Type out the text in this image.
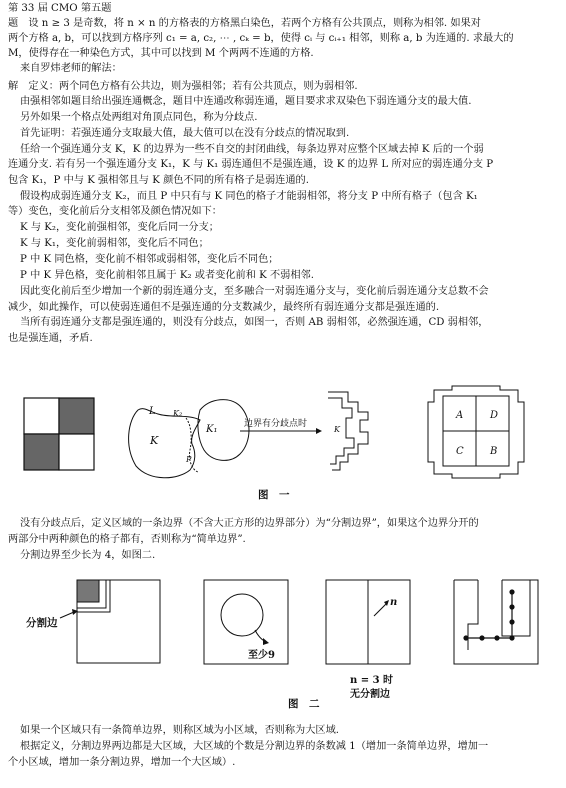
第 33 届 CMO 第五题
题　设 n ≥ 3 是奇数，将 n × n 的方格表的方格黑白染色，若两个方格有公共顶点，则称为相邻. 如果对
两个方格 a, b，可以找到方格序列 c₁ = a, c₂, ⋯ , cₖ = b，使得 cᵢ 与 cᵢ₊₁ 相邻，则称 a, b 为连通的. 求最大的
M，使得存在一种染色方式，其中可以找到 M 个两两不连通的方格.
来自罗炜老师的解法：
解　定义：两个同色方格有公共边，则为强相邻；若有公共顶点，则为弱相邻.
由强相邻如题目给出强连通概念，题目中连通改称弱连通，题目要求求双染色下弱连通分支的最大值.
另外如果一个格点处两组对角顶点同色，称为分歧点.
首先证明：若强连通分支取最大值，最大值可以在没有分歧点的情况取到.
任给一个强连通分支 K，K 的边界为一些不自交的封闭曲线，每条边界对应整个区域去掉 K 后的一个弱
连通分支. 若有另一个强连通分支 K₁，K 与 K₁ 弱连通但不是强连通，设 K 的边界 L 所对应的弱连通分支 P
包含 K₁，P 中与 K 强相邻且与 K 颜色不同的所有格子是弱连通的.
假设构成弱连通分支 K₂，而且 P 中只有与 K 同色的格子才能弱相邻，将分支 P 中所有格子（包含 K₁
等）变色，变化前后分支相邻及颜色情况如下：
K 与 K₂，变化前强相邻，变化后同一分支；
K 与 K₁，变化前弱相邻，变化后不同色；
P 中 K 同色格，变化前不相邻或弱相邻，变化后不同色；
P 中 K 异色格，变化前相邻且属于 K₂ 或者变化前和 K 不弱相邻.
因此变化前后至少增加一个新的弱连通分支，至多融合一对弱连通分支与，变化前后弱连通分支总数不会
减少，如此操作，可以使弱连通但不是强连通的分支数减少，最终所有弱连通分支都是强连通的.
当所有弱连通分支都是强连通的，则没有分歧点，如图一，否则 AB 弱相邻，必然强连通，CD 弱相邻，
也是强连通，矛盾.
没有分歧点后，定义区域的一条边界（不含大正方形的边界部分）为“分割边界”，如果这个边界分开的
两部分中两种颜色的格子都有，否则称为“简单边界”.
分割边界至少长为 4，如图二.
如果一个区域只有一条简单边界，则称区域为小区域，否则称为大区域.
根据定义，分割边界两边都是大区域，大区域的个数是分割边界的条数减 1（增加一条简单边界，增加一
个小区域，增加一条分割边界，增加一个大区域）.
L K₂
K
K₁
P
边界有分歧点时
K
A	D
C	B
图　一
分割边
至少9
n
n = 3 时
无分割边
图　二
